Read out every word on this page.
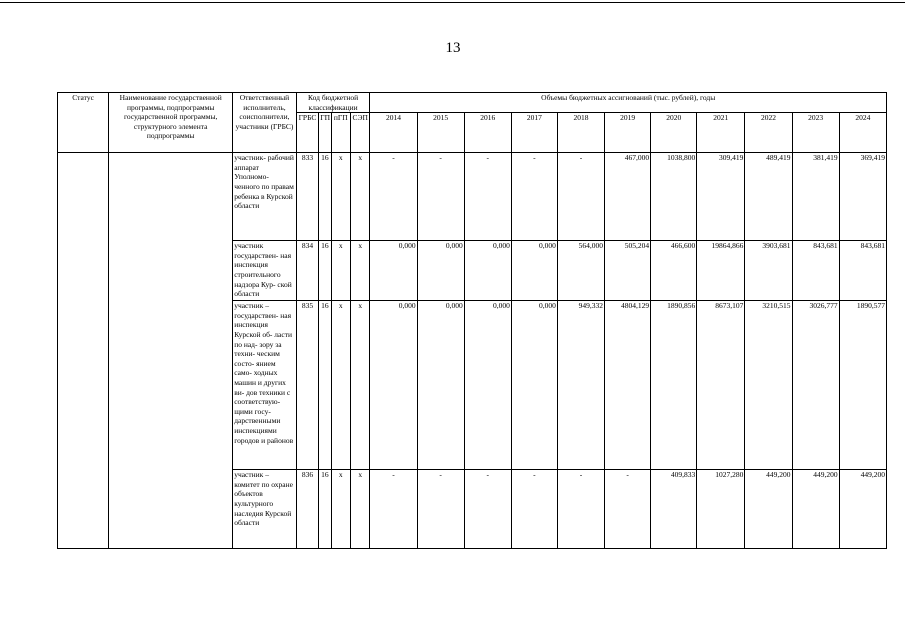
13
Статус	Наименование государственной программы, подпрограммы государственной программы, структурного элемента подпрограммы	Ответственный исполнитель, соисполнители, участники (ГРБС)	Код бюджетной классификации				Объемы бюджетных ассигнований (тыс. рублей), годы										
			ГРБС	ГП	пГП	СЭП	2014	2015	2016	2017	2018	2019	2020	2021	2022	2023	2024
		участник- рабочий аппарат Уполномо- ченного по правам ребенка в Курской области	833	16	х	х	-	-	-	-	-	467,000	1038,800	309,419	489,419	381,419	369,419
		участник государствен- ная инспекция строительного надзора Кур- ской области	834	16	х	х	0,000	0,000	0,000	0,000	564,000	505,204	466,600	19864,866	3903,681	843,681	843,681
		участник – государствен- ная инспекция Курской об- ласти по над- зору за техни- ческим состо- янием само- ходных машин и других ви- дов техники с соответствую- щими госу- дарственными инспекциями городов и районов	835	16	х	х	0,000	0,000	0,000	0,000	949,332	4804,129	1890,856	8673,107	3210,515	3026,777	1890,577
		участник – комитет по охране объектов культурного наследия Курской области	836	16	х	х	-	-	-	-	-	-	409,833	1027,280	449,200	449,200	449,200
